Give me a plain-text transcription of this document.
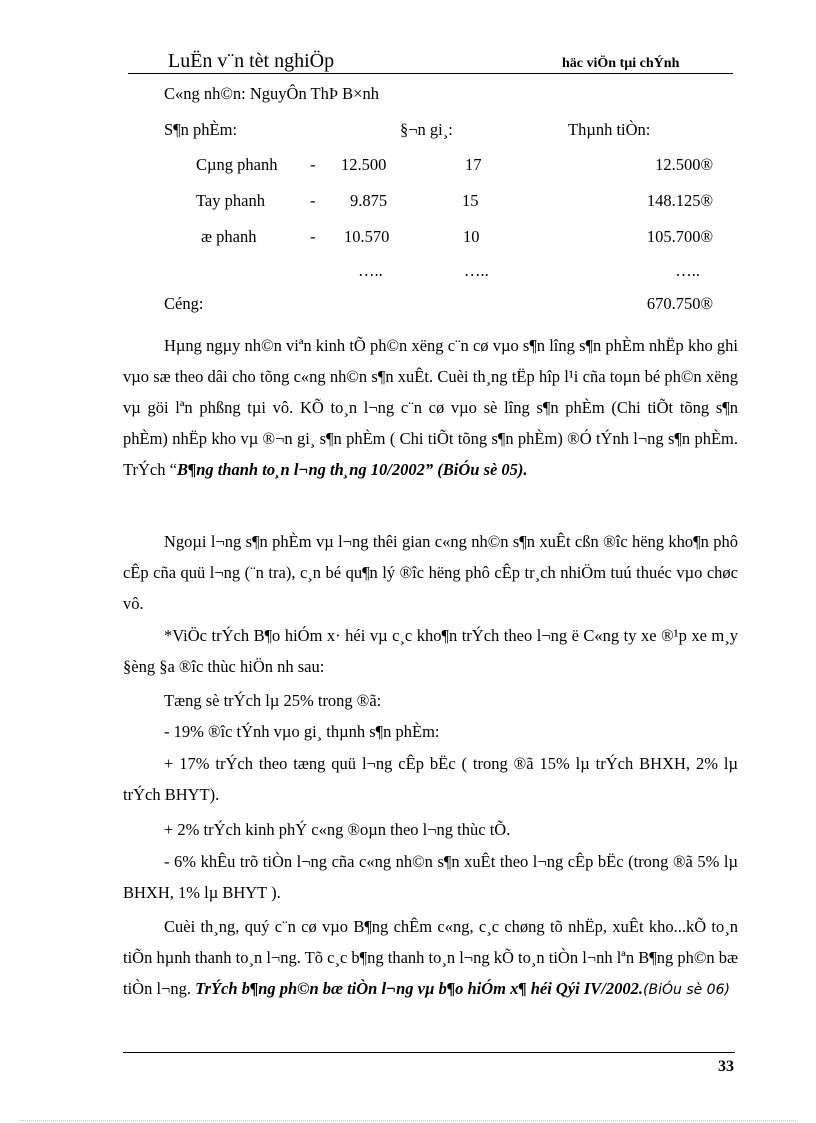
LuËn v¨n tèt nghiÖp	häc viÖn tµi chÝnh
C«ng nh©n: NguyÔn ThÞ B×nh
S¶n phÈm:	§¬n gi¸:	Thµnh tiÒn:
Cµng phanh - 12.500	17	12.500®
Tay phanh	- 9.875	15	148.125®
æ phanh	- 10.570	10	105.700®
…..	…..	…..
Céng:	670.750®

Hµng ngµy nh©n viªn kinh tÕ ph©n xëng c¨n cø vµo s¶n lîng s¶n phÈm nhËp kho ghi vµo sæ theo dâi cho tõng c«ng nh©n s¶n xuÊt. Cuèi th¸ng tËp hîp l¹i cña toµn bé ph©n xëng vµ göi lªn phßng tµi vô. KÕ to¸n l¬ng c¨n cø vµo sè lîng s¶n phÈm (Chi tiÕt tõng s¶n phÈm) nhËp kho vµ ®¬n gi¸ s¶n phÈm ( Chi tiÕt tõng s¶n phÈm) ®Ó tÝnh l¬ng s¶n phÈm. TrÝch “B¶ng thanh to¸n l¬ng th¸ng 10/2002” (BiÓu sè 05).

Ngoµi l¬ng s¶n phÈm vµ l¬ng thêi gian c«ng nh©n s¶n xuÊt cßn ®îc hëng kho¶n phô cÊp cña quü l¬ng (¨n tra), c¸n bé qu¶n lý ®îc hëng phô cÊp tr¸ch nhiÖm tuú thuéc vµo chøc vô.

*ViÖc trÝch B¶o hiÓm x· héi vµ c¸c kho¶n trÝch theo l¬ng ë C«ng ty xe ®¹p xe m¸y §èng §a ®îc thùc hiÖn nh sau:

Tæng sè trÝch lµ 25% trong ®ã:
- 19% ®îc tÝnh vµo gi¸ thµnh s¶n phÈm:

+ 17% trÝch theo tæng quü l¬ng cÊp bËc ( trong ®ã 15% lµ trÝch BHXH, 2% lµ trÝch BHYT).

+ 2% trÝch kinh phÝ c«ng ®oµn theo l¬ng thùc tÕ.

- 6% khÊu trõ tiÒn l¬ng cña c«ng nh©n s¶n xuÊt theo l¬ng cÊp bËc (trong ®ã 5% lµ BHXH, 1% lµ BHYT ).

Cuèi th¸ng, quý c¨n cø vµo B¶ng chÊm c«ng, c¸c chøng tõ nhËp, xuÊt kho...kÕ to¸n tiÕn hµnh thanh to¸n l¬ng. Tõ c¸c b¶ng thanh to¸n l¬ng kÕ to¸n tiÒn l¬nh lªn B¶ng ph©n bæ tiÒn l¬ng. TrÝch b¶ng ph©n bæ tiÒn l¬ng vµ b¶o hiÓm x¶ héi Qýi IV/2002.(BiÓu sè 06)

33
